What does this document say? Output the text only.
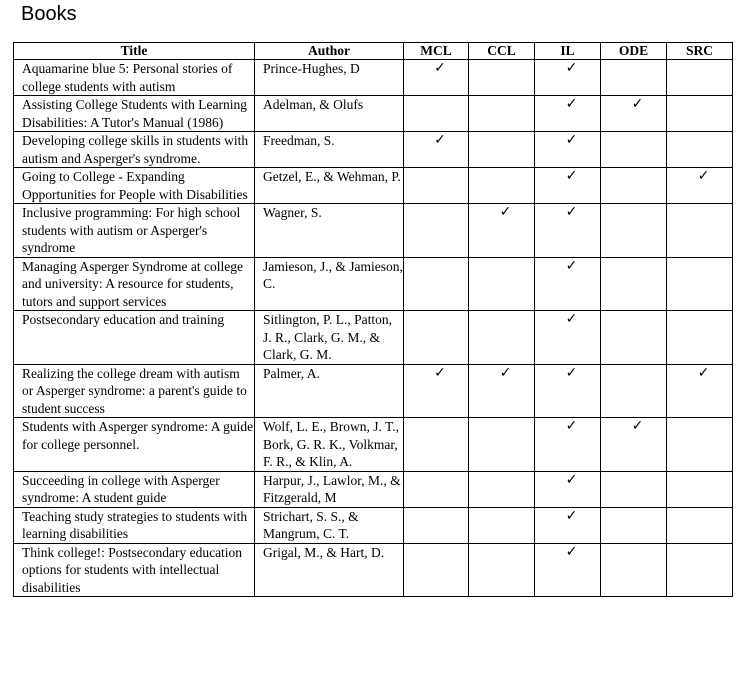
Books
Title	Author	MCL	CCL	IL	ODE	SRC
Aquamarine blue 5: Personal stories of college students with autism	Prince-Hughes, D	✓		✓		
Assisting College Students with Learning Disabilities: A Tutor's Manual (1986)	Adelman, & Olufs			✓	✓	
Developing college skills in students with autism and Asperger's syndrome.	Freedman, S.	✓		✓		
Going to College - Expanding Opportunities for People with Disabilities	Getzel, E., & Wehman, P.			✓		✓
Inclusive programming: For high school students with autism or Asperger's syndrome	Wagner, S.		✓	✓		
Managing Asperger Syndrome at college and university: A resource for students, tutors and support services	Jamieson, J., & Jamieson, C.			✓		
Postsecondary education and training	Sitlington, P. L., Patton, J. R., Clark, G. M., & Clark, G. M.			✓		
Realizing the college dream with autism or Asperger syndrome: a parent's guide to student success	Palmer, A.	✓	✓	✓		✓
Students with Asperger syndrome: A guide for college personnel.	Wolf, L. E., Brown, J. T., Bork, G. R. K., Volkmar, F. R., & Klin, A.			✓	✓	
Succeeding in college with Asperger syndrome: A student guide	Harpur, J., Lawlor, M., & Fitzgerald, M			✓		
Teaching study strategies to students with learning disabilities	Strichart, S. S., & Mangrum, C. T.			✓		
Think college!: Postsecondary education options for students with intellectual disabilities	Grigal, M., & Hart, D.			✓		
